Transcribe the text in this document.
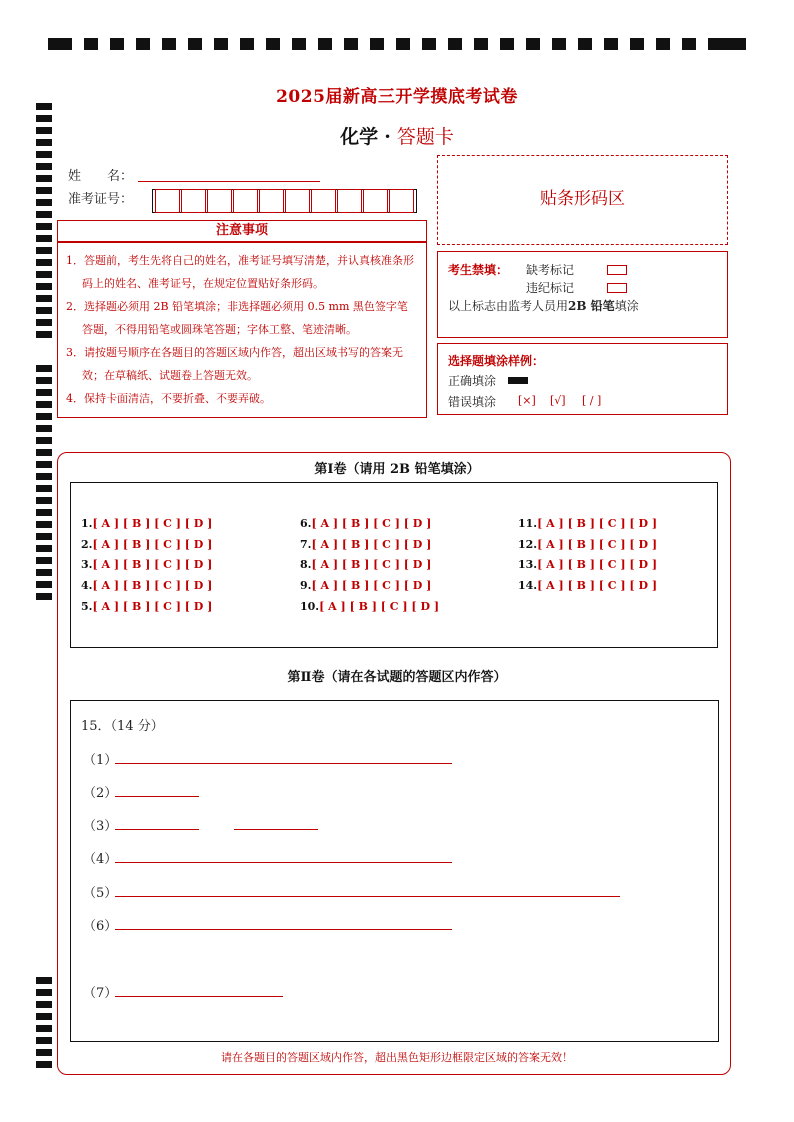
2025届新高三开学摸底考试卷
化学 · 答题卡
姓　　名：
准考证号：	贴条形码区
注意事项
1．答题前，考生先将自己的姓名，准考证号填写清楚，并认真核准条形码上的姓名、准考证号，在规定位置贴好条形码。
2．选择题必须用 2B 铅笔填涂；非选择题必须用 0.5 mm 黑色签字笔答题，不得用铅笔或圆珠笔答题；字体工整、笔迹清晰。
3．请按题号顺序在各题目的答题区域内作答，超出区域书写的答案无效；在草稿纸、试题卷上答题无效。
4．保持卡面清洁，不要折叠、不要弄破。
考生禁填： 缺考标记
违纪标记
以上标志由监考人员用2B 铅笔填涂
选择题填涂样例：
正确填涂
错误填涂 [×] [√] [ / ]
第Ⅰ卷（请用 2B 铅笔填涂）
1.[ A ] [ B ] [ C ] [ D ]
2.[ A ] [ B ] [ C ] [ D ]
3.[ A ] [ B ] [ C ] [ D ]
4.[ A ] [ B ] [ C ] [ D ]
5.[ A ] [ B ] [ C ] [ D ]
6.[ A ] [ B ] [ C ] [ D ]
7.[ A ] [ B ] [ C ] [ D ]
8.[ A ] [ B ] [ C ] [ D ]
9.[ A ] [ B ] [ C ] [ D ]
10.[ A ] [ B ] [ C ] [ D ]
11.[ A ] [ B ] [ C ] [ D ]
12.[ A ] [ B ] [ C ] [ D ]
13.[ A ] [ B ] [ C ] [ D ]
14.[ A ] [ B ] [ C ] [ D ]
第Ⅱ卷（请在各试题的答题区内作答）
15．（14 分）
（1）
（2）
（3）
（4）
（5）
（6）
（7）
请在各题目的答题区域内作答，超出黑色矩形边框限定区域的答案无效！
